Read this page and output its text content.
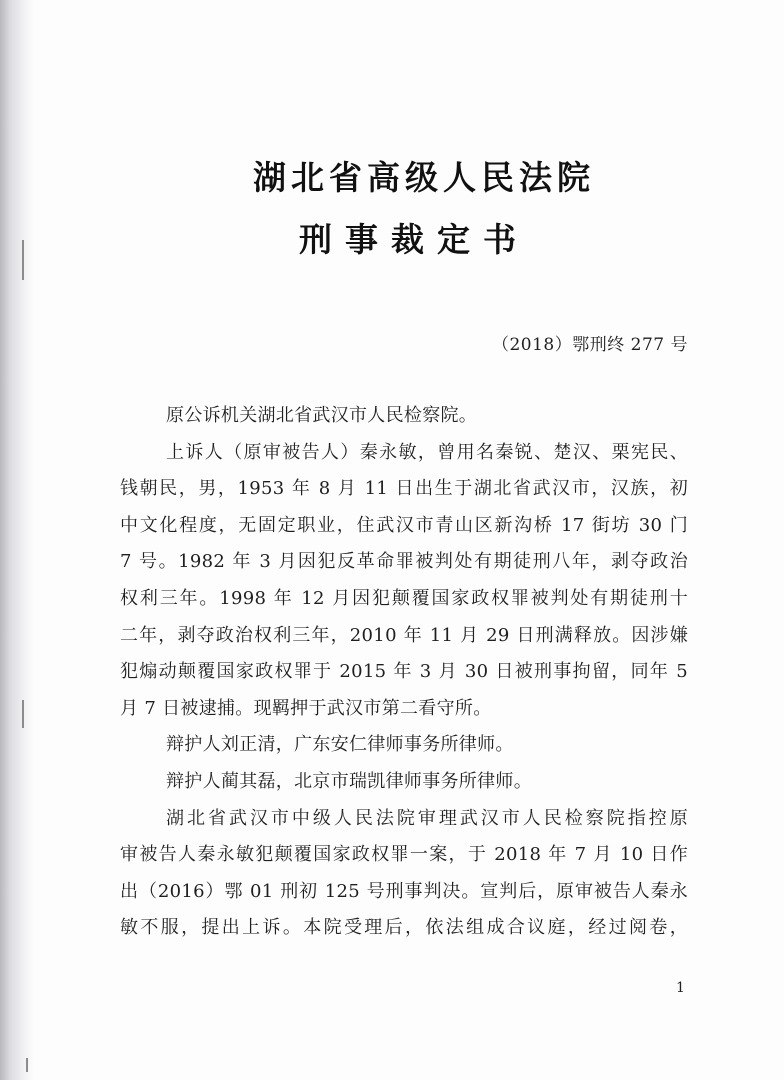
湖北省高级人民法院
刑事裁定书
（2018）鄂刑终 277 号
原公诉机关湖北省武汉市人民检察院。
上诉人（原审被告人）秦永敏，曾用名秦锐、楚汉、栗宪民、
钱朝民，男，1953 年 8 月 11 日出生于湖北省武汉市，汉族，初
中文化程度，无固定职业，住武汉市青山区新沟桥 17 街坊 30 门
7 号。1982 年 3 月因犯反革命罪被判处有期徒刑八年，剥夺政治
权利三年。1998 年 12 月因犯颠覆国家政权罪被判处有期徒刑十
二年，剥夺政治权利三年，2010 年 11 月 29 日刑满释放。因涉嫌
犯煽动颠覆国家政权罪于 2015 年 3 月 30 日被刑事拘留，同年 5
月 7 日被逮捕。现羁押于武汉市第二看守所。
辩护人刘正清，广东安仁律师事务所律师。
辩护人蔺其磊，北京市瑞凯律师事务所律师。
湖北省武汉市中级人民法院审理武汉市人民检察院指控原
审被告人秦永敏犯颠覆国家政权罪一案，于 2018 年 7 月 10 日作
出（2016）鄂 01 刑初 125 号刑事判决。宣判后，原审被告人秦永
敏不服，提出上诉。本院受理后，依法组成合议庭，经过阅卷，
1
